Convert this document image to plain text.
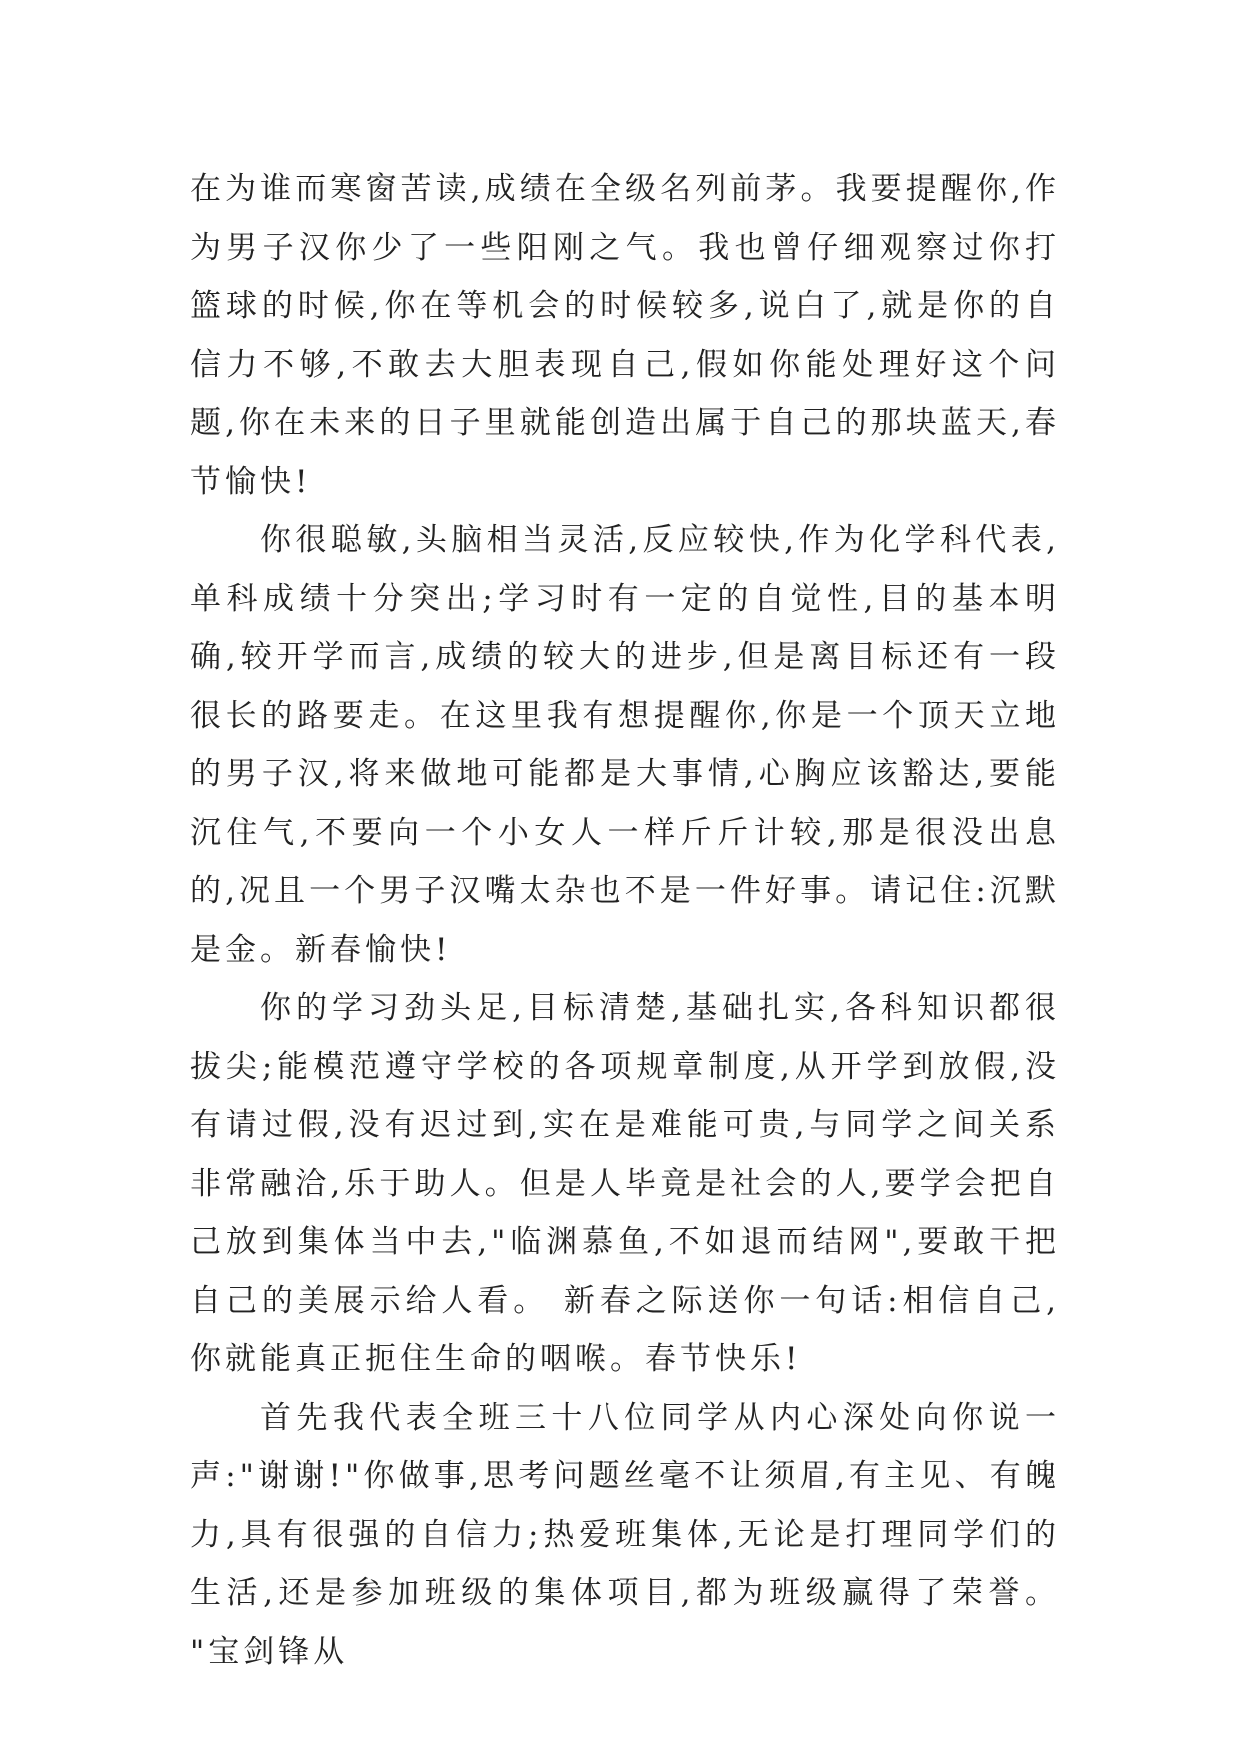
在为谁而寒窗苦读,成绩在全级名列前茅。我要提醒你,作为男子汉你少了一些阳刚之气。我也曾仔细观察过你打篮球的时候,你在等机会的时候较多,说白了,就是你的自信力不够,不敢去大胆表现自己,假如你能处理好这个问题,你在未来的日子里就能创造出属于自己的那块蓝天,春节愉快!

你很聪敏,头脑相当灵活,反应较快,作为化学科代表,单科成绩十分突出;学习时有一定的自觉性,目的基本明确,较开学而言,成绩的较大的进步,但是离目标还有一段很长的路要走。在这里我有想提醒你,你是一个顶天立地的男子汉,将来做地可能都是大事情,心胸应该豁达,要能沉住气,不要向一个小女人一样斤斤计较,那是很没出息的,况且一个男子汉嘴太杂也不是一件好事。请记住:沉默是金。新春愉快!

你的学习劲头足,目标清楚,基础扎实,各科知识都很拔尖;能模范遵守学校的各项规章制度,从开学到放假,没有请过假,没有迟过到,实在是难能可贵,与同学之间关系非常融洽,乐于助人。但是人毕竟是社会的人,要学会把自己放到集体当中去,"临渊慕鱼,不如退而结网",要敢干把自己的美展示给人看。 新春之际送你一句话:相信自己,你就能真正扼住生命的咽喉。春节快乐!

首先我代表全班三十八位同学从内心深处向你说一声:"谢谢!"你做事,思考问题丝毫不让须眉,有主见、有魄力,具有很强的自信力;热爱班集体,无论是打理同学们的生活,还是参加班级的集体项目,都为班级赢得了荣誉。 "宝剑锋从
